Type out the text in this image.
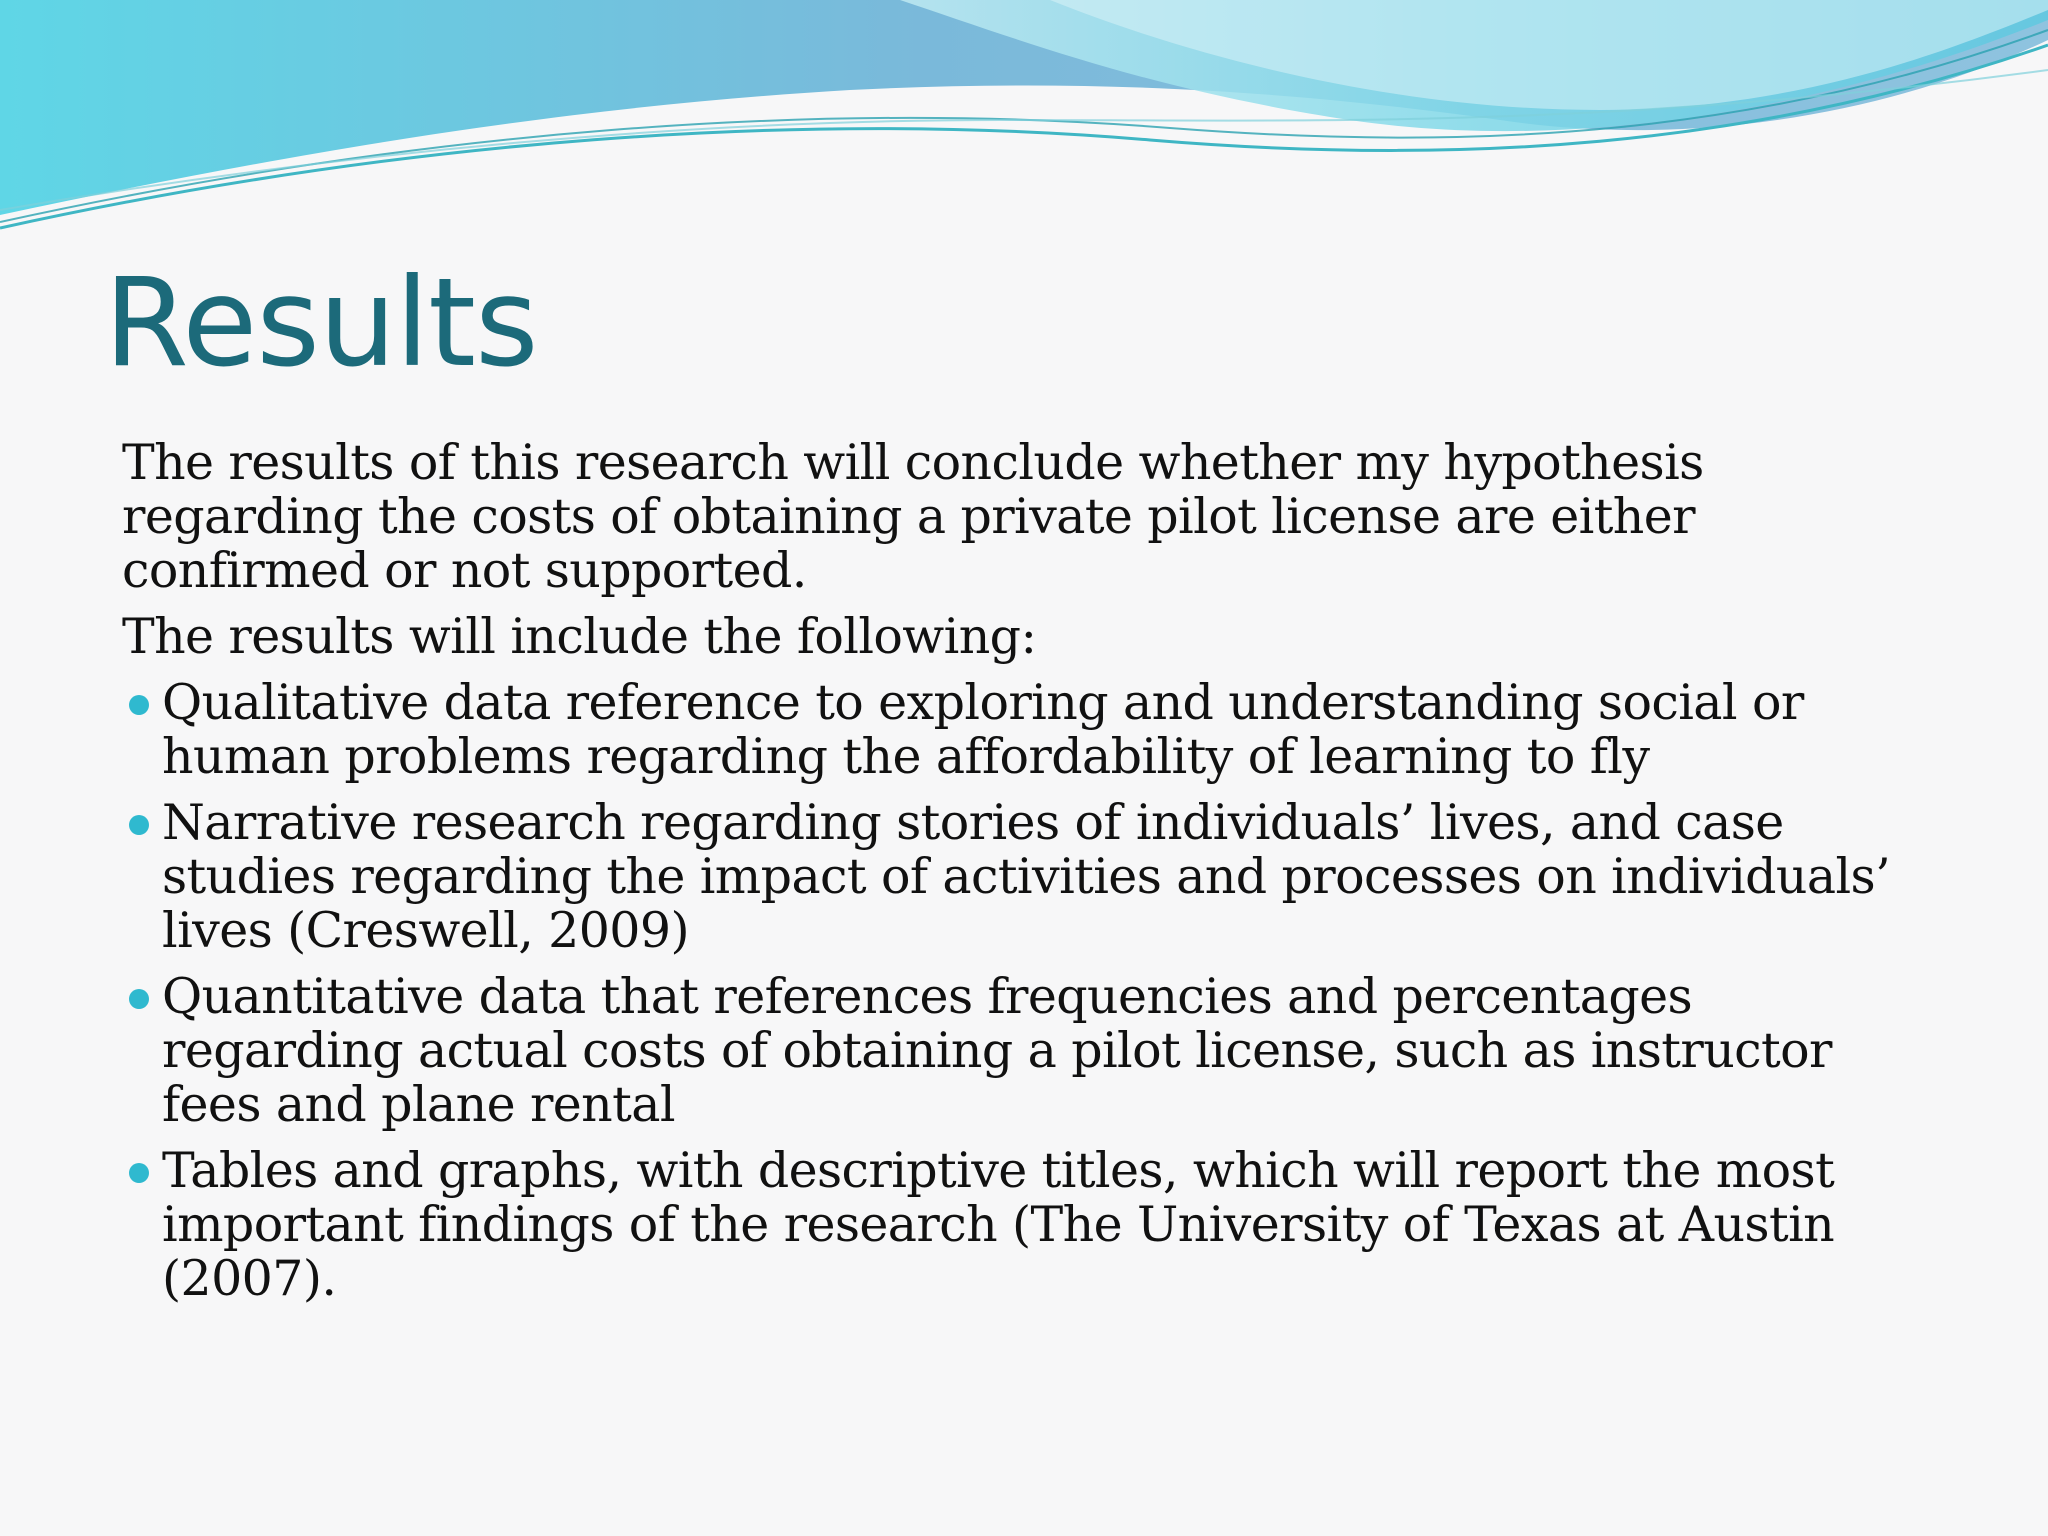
Results

The results of this research will conclude whether my hypothesis regarding the costs of obtaining a private pilot license are either confirmed or not supported.

The results will include the following:

Qualitative data reference to exploring and understanding social or human problems regarding the affordability of learning to fly
Narrative research regarding stories of individuals’ lives, and case studies regarding the impact of activities and processes on individuals’ lives (Creswell, 2009)
Quantitative data that references frequencies and percentages regarding actual costs of obtaining a pilot license, such as instructor fees and plane rental
Tables and graphs, with descriptive titles, which will report the most important findings of the research (The University of Texas at Austin (2007).
